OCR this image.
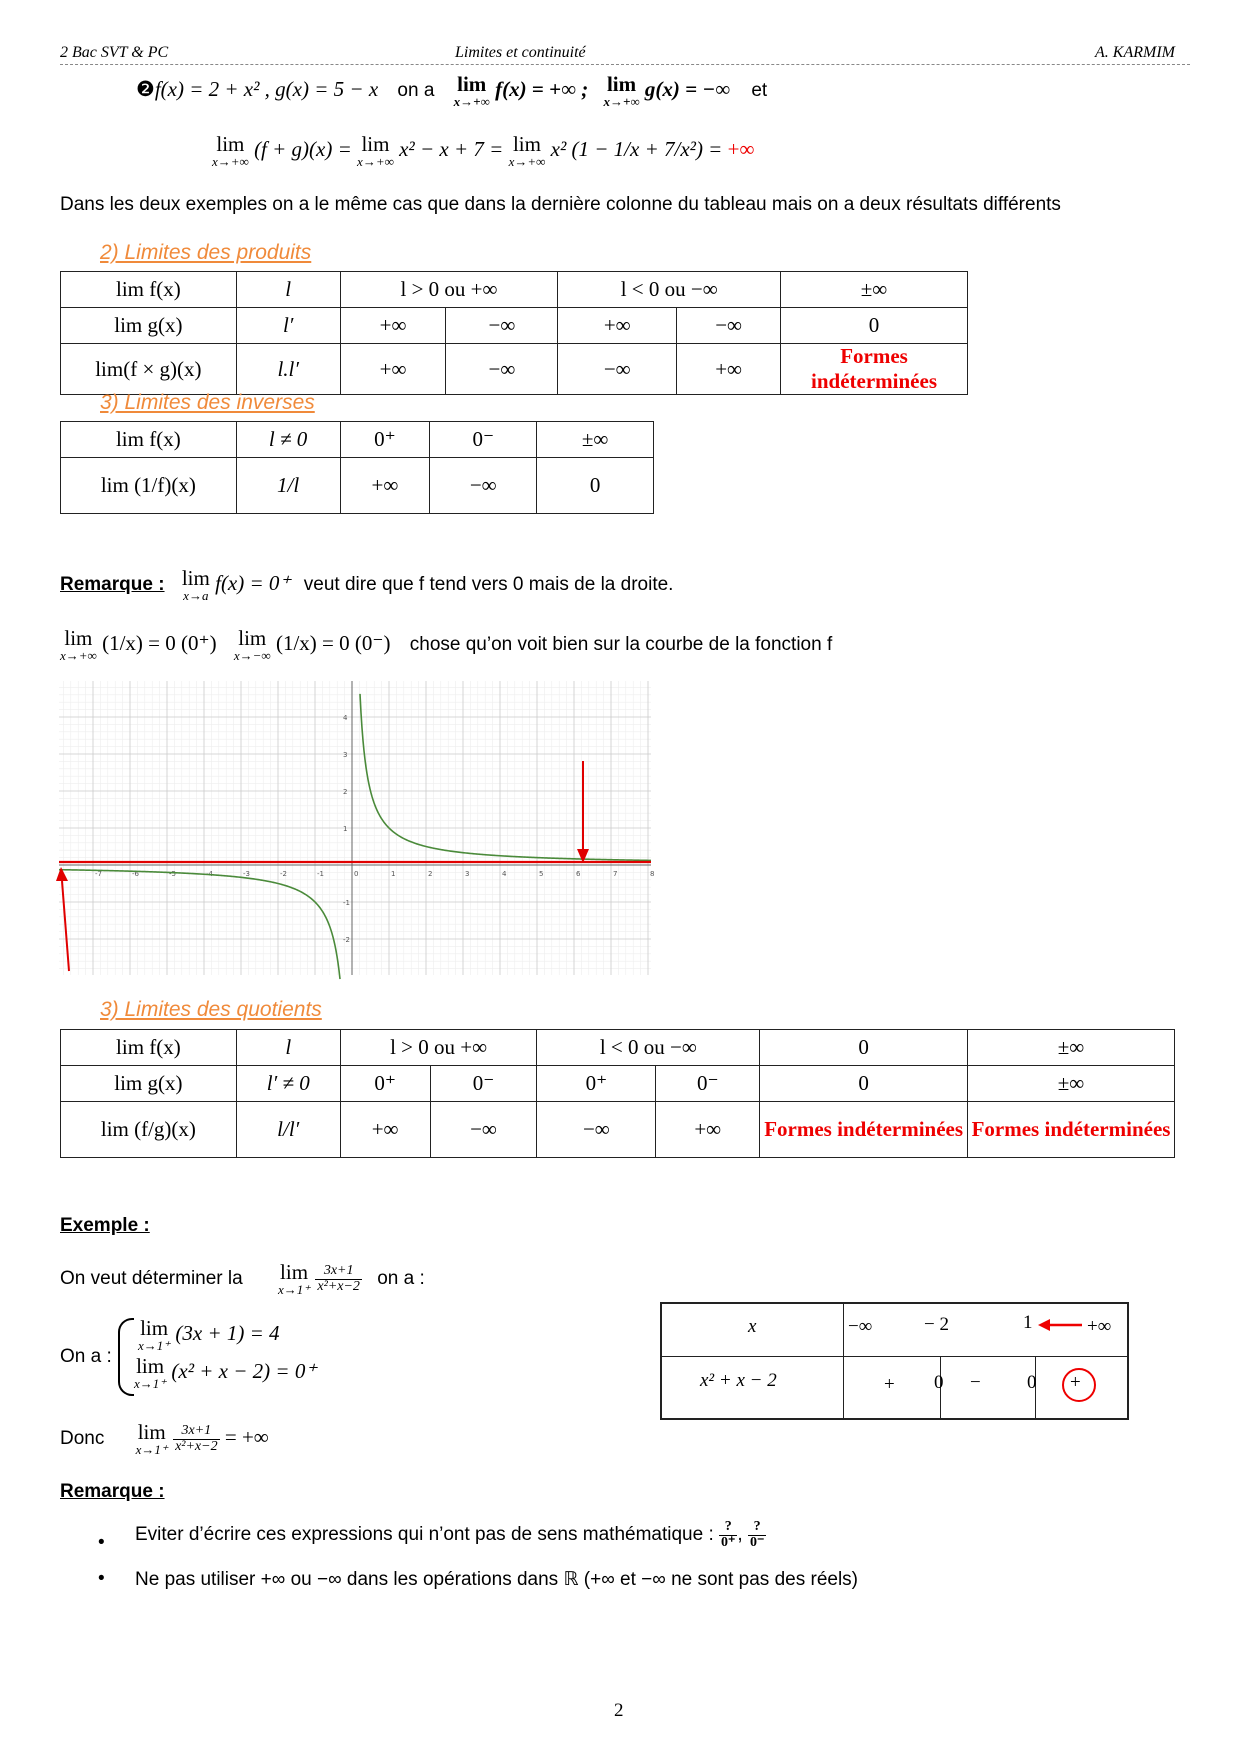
2 Bac SVT & PC	Limites et continuité	A. KARMIM
❷f(x) = 2 + x² , g(x) = 5 − x on a lim
x→+∞
f(x) = +∞ ; lim
x→+∞
g(x) = −∞ et
lim
x→+∞
(f + g)(x) = lim
x→+∞
x² − x + 7 = lim
x→+∞
x² (1 − 1/x + 7/x²) = +∞
Dans les deux exemples on a le même cas que dans la dernière colonne du tableau mais on a deux résultats différents
2) Limites des produits
lim f(x)	l	l > 0 ou +∞		l < 0 ou −∞		±∞
lim g(x)	l′	+∞	−∞	+∞	−∞	0
lim(f × g)(x)	l.l′	+∞	−∞	−∞	+∞	Formes indéterminées
3) Limites des inverses
lim f(x)	l ≠ 0	0⁺	0⁻	±∞
lim (1/f)(x)	1/l	+∞	−∞	0
Remarque : lim
x→a
f(x) = 0⁺ veut dire que f tend vers 0 mais de la droite.
lim
x→+∞
(1/x) = 0 (0⁺) lim
x→−∞
(1/x) = 0 (0⁻) chose qu’on voit bien sur la courbe de la fonction f
-7	-6	-5	-4	-3	-2	-1	0	1	2	3	4	5	6	7	8
4
3
2
1
-1
-2
3) Limites des quotients
lim f(x)	l	l > 0 ou +∞		l < 0 ou −∞		0	±∞
lim g(x)	l′ ≠ 0	0⁺	0⁻	0⁺	0⁻	0	±∞
lim (f/g)(x)	l/l′	+∞	−∞	−∞	+∞	Formes indéterminées	Formes indéterminées
Exemple :
On veut déterminer la lim
x→1⁺
$\frac{3x+1}{\text{x²+x−2}}$ on a :
On a :
lim
x→1⁺
(3x + 1) = 4
lim
x→1⁺
(x² + x − 2) = 0⁺
Donc lim
x→1⁺
$\frac{3x+1}{\text{x²+x−2}}$ = +∞
x	−∞	− 2	1	+∞
x² + x − 2	+ 0 − 0 +
Remarque :
• Eviter d’écrire ces expressions qui n’ont pas de sens mathématique : $\frac{?}{0^+}$ , $\frac{?}{0^-}$
• Ne pas utiliser +∞ ou −∞ dans les opérations dans ℝ (+∞ et −∞ ne sont pas des réels)
2
